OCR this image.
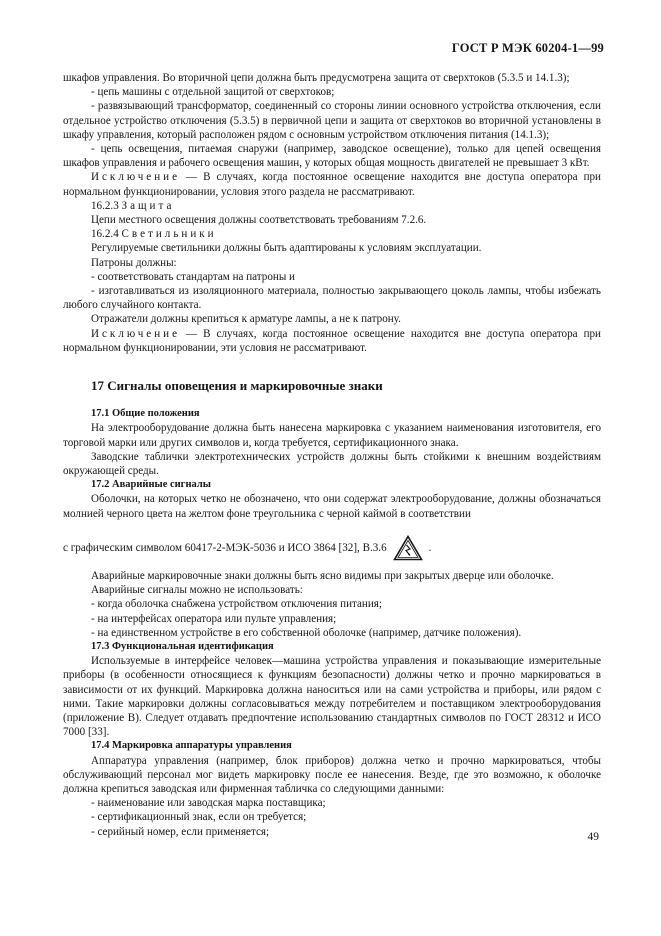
ГОСТ Р МЭК 60204-1—99

шкафов управления. Во вторичной цепи должна быть предусмотрена защита от сверхтоков (5.3.5 и 14.1.3);

- цепь машины с отдельной защитой от сверхтоков;

- развязывающий трансформатор, соединенный со стороны линии основного устройства отключения, если отдельное устройство отключения (5.3.5) в первичной цепи и защита от сверхтоков во вторичной установлены в шкафу управления, который расположен рядом с основным устройством отключения питания (14.1.3);

- цепь освещения, питаемая снаружи (например, заводское освещение), только для цепей освещения шкафов управления и рабочего освещения машин, у которых общая мощность двигателей не превышает 3 кВт.

Исключение — В случаях, когда постоянное освещение находится вне доступа оператора при нормальном функционировании, условия этого раздела не рассматривают.

16.2.3 Защита

Цепи местного освещения должны соответствовать требованиям 7.2.6.

16.2.4 Светильники

Регулируемые светильники должны быть адаптированы к условиям эксплуатации.

Патроны должны:

- соответствовать стандартам на патроны и

- изготавливаться из изоляционного материала, полностью закрывающего цоколь лампы, чтобы избежать любого случайного контакта.

Отражатели должны крепиться к арматуре лампы, а не к патрону.

Исключение — В случаях, когда постоянное освещение находится вне доступа оператора при нормальном функционировании, эти условия не рассматривают.

17 Сигналы оповещения и маркировочные знаки

17.1 Общие положения

На электрооборудование должна быть нанесена маркировка с указанием наименования изготовителя, его торговой марки или других символов и, когда требуется, сертификационного знака.

Заводские таблички электротехнических устройств должны быть стойкими к внешним воздействиям окружающей среды.

17.2 Аварийные сигналы

Оболочки, на которых четко не обозначено, что они содержат электрооборудование, должны обозначаться молнией черного цвета на желтом фоне треугольника с черной каймой в соответствии

с графическим символом 60417-2-МЭК-5036 и ИСО 3864 [32], В.3.6	.

Аварийные маркировочные знаки должны быть ясно видимы при закрытых дверце или оболочке.

Аварийные сигналы можно не использовать:

- когда оболочка снабжена устройством отключения питания;

- на интерфейсах оператора или пульте управления;

- на единственном устройстве в его собственной оболочке (например, датчике положения).

17.3 Функциональная идентификация

Используемые в интерфейсе человек—машина устройства управления и показывающие измерительные приборы (в особенности относящиеся к функциям безопасности) должны четко и прочно маркироваться в зависимости от их функций. Маркировка должна наноситься или на сами устройства и приборы, или рядом с ними. Такие маркировки должны согласовываться между потребителем и поставщиком электрооборудования (приложение В). Следует отдавать предпочтение использованию стандартных символов по ГОСТ 28312 и ИСО 7000 [33].

17.4 Маркировка аппаратуры управления

Аппаратура управления (например, блок приборов) должна четко и прочно маркироваться, чтобы обслуживающий персонал мог видеть маркировку после ее нанесения. Везде, где это возможно, к оболочке должна крепиться заводская или фирменная табличка со следующими данными:

- наименование или заводская марка поставщика;

- сертификационный знак, если он требуется;

- серийный номер, если применяется;	49
